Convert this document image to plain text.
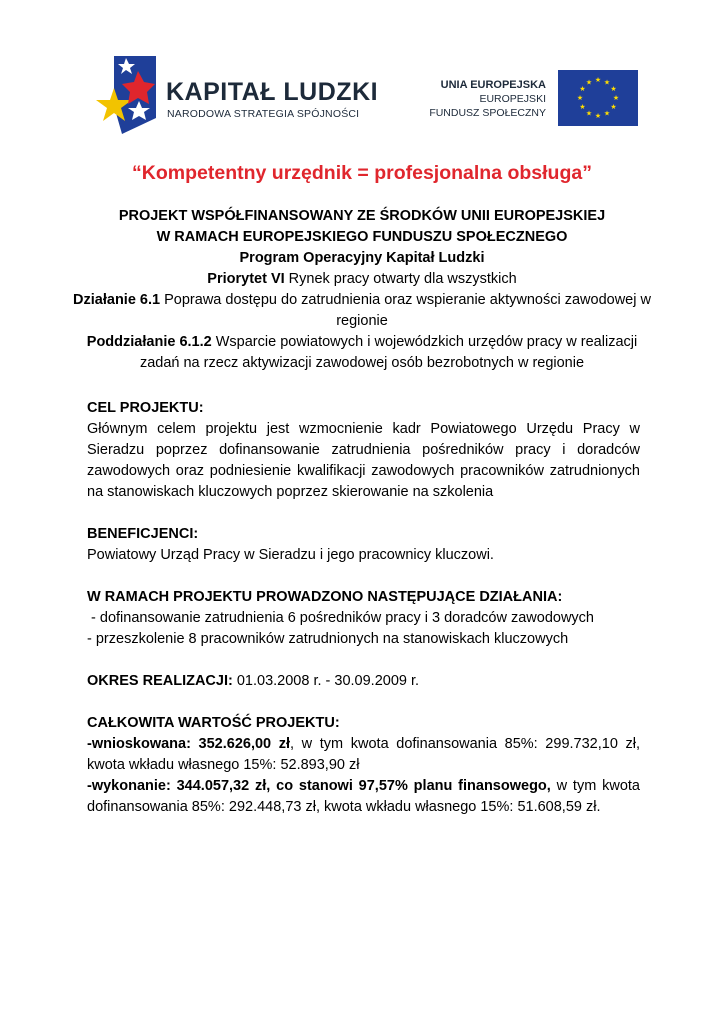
KAPITAŁ LUDZKI
NARODOWA STRATEGIA SPÓJNOŚCI
UNIA EUROPEJSKA
EUROPEJSKI
FUNDUSZ SPOŁECZNY
★ ★
★
★
★
★
★
★
★
★
★
★
“Kompetentny urzędnik = profesjonalna obsługa”

PROJEKT WSPÓŁFINANSOWANY ZE ŚRODKÓW UNII EUROPEJSKIEJ

W RAMACH EUROPEJSKIEGO FUNDUSZU SPOŁECZNEGO

Program Operacyjny Kapitał Ludzki

Priorytet VI Rynek pracy otwarty dla wszystkich

Działanie 6.1 Poprawa dostępu do zatrudnienia oraz wspieranie aktywności zawodowej w regionie

Poddziałanie 6.1.2 Wsparcie powiatowych i wojewódzkich urzędów pracy w realizacji zadań na rzecz aktywizacji zawodowej osób bezrobotnych w regionie

CEL PROJEKTU:

Głównym celem projektu jest wzmocnienie kadr Powiatowego Urzędu Pracy w Sieradzu poprzez dofinansowanie zatrudnienia pośredników pracy i doradców zawodowych oraz podniesienie kwalifikacji zawodowych pracowników zatrudnionych na stanowiskach kluczowych poprzez skierowanie na szkolenia

BENEFICJENCI:

Powiatowy Urząd Pracy w Sieradzu i jego pracownicy kluczowi.

W RAMACH PROJEKTU PROWADZONO NASTĘPUJĄCE DZIAŁANIA:

- dofinansowanie zatrudnienia 6 pośredników pracy i 3 doradców zawodowych

- przeszkolenie 8 pracowników zatrudnionych na stanowiskach kluczowych

OKRES REALIZACJI: 01.03.2008 r. - 30.09.2009 r.

CAŁKOWITA WARTOŚĆ PROJEKTU:

-wnioskowana: 352.626,00 zł, w tym kwota dofinansowania 85%: 299.732,10 zł, kwota wkładu własnego 15%: 52.893,90 zł

-wykonanie: 344.057,32 zł, co stanowi 97,57% planu finansowego, w tym kwota dofinansowania 85%: 292.448,73 zł, kwota wkładu własnego 15%: 51.608,59 zł.
